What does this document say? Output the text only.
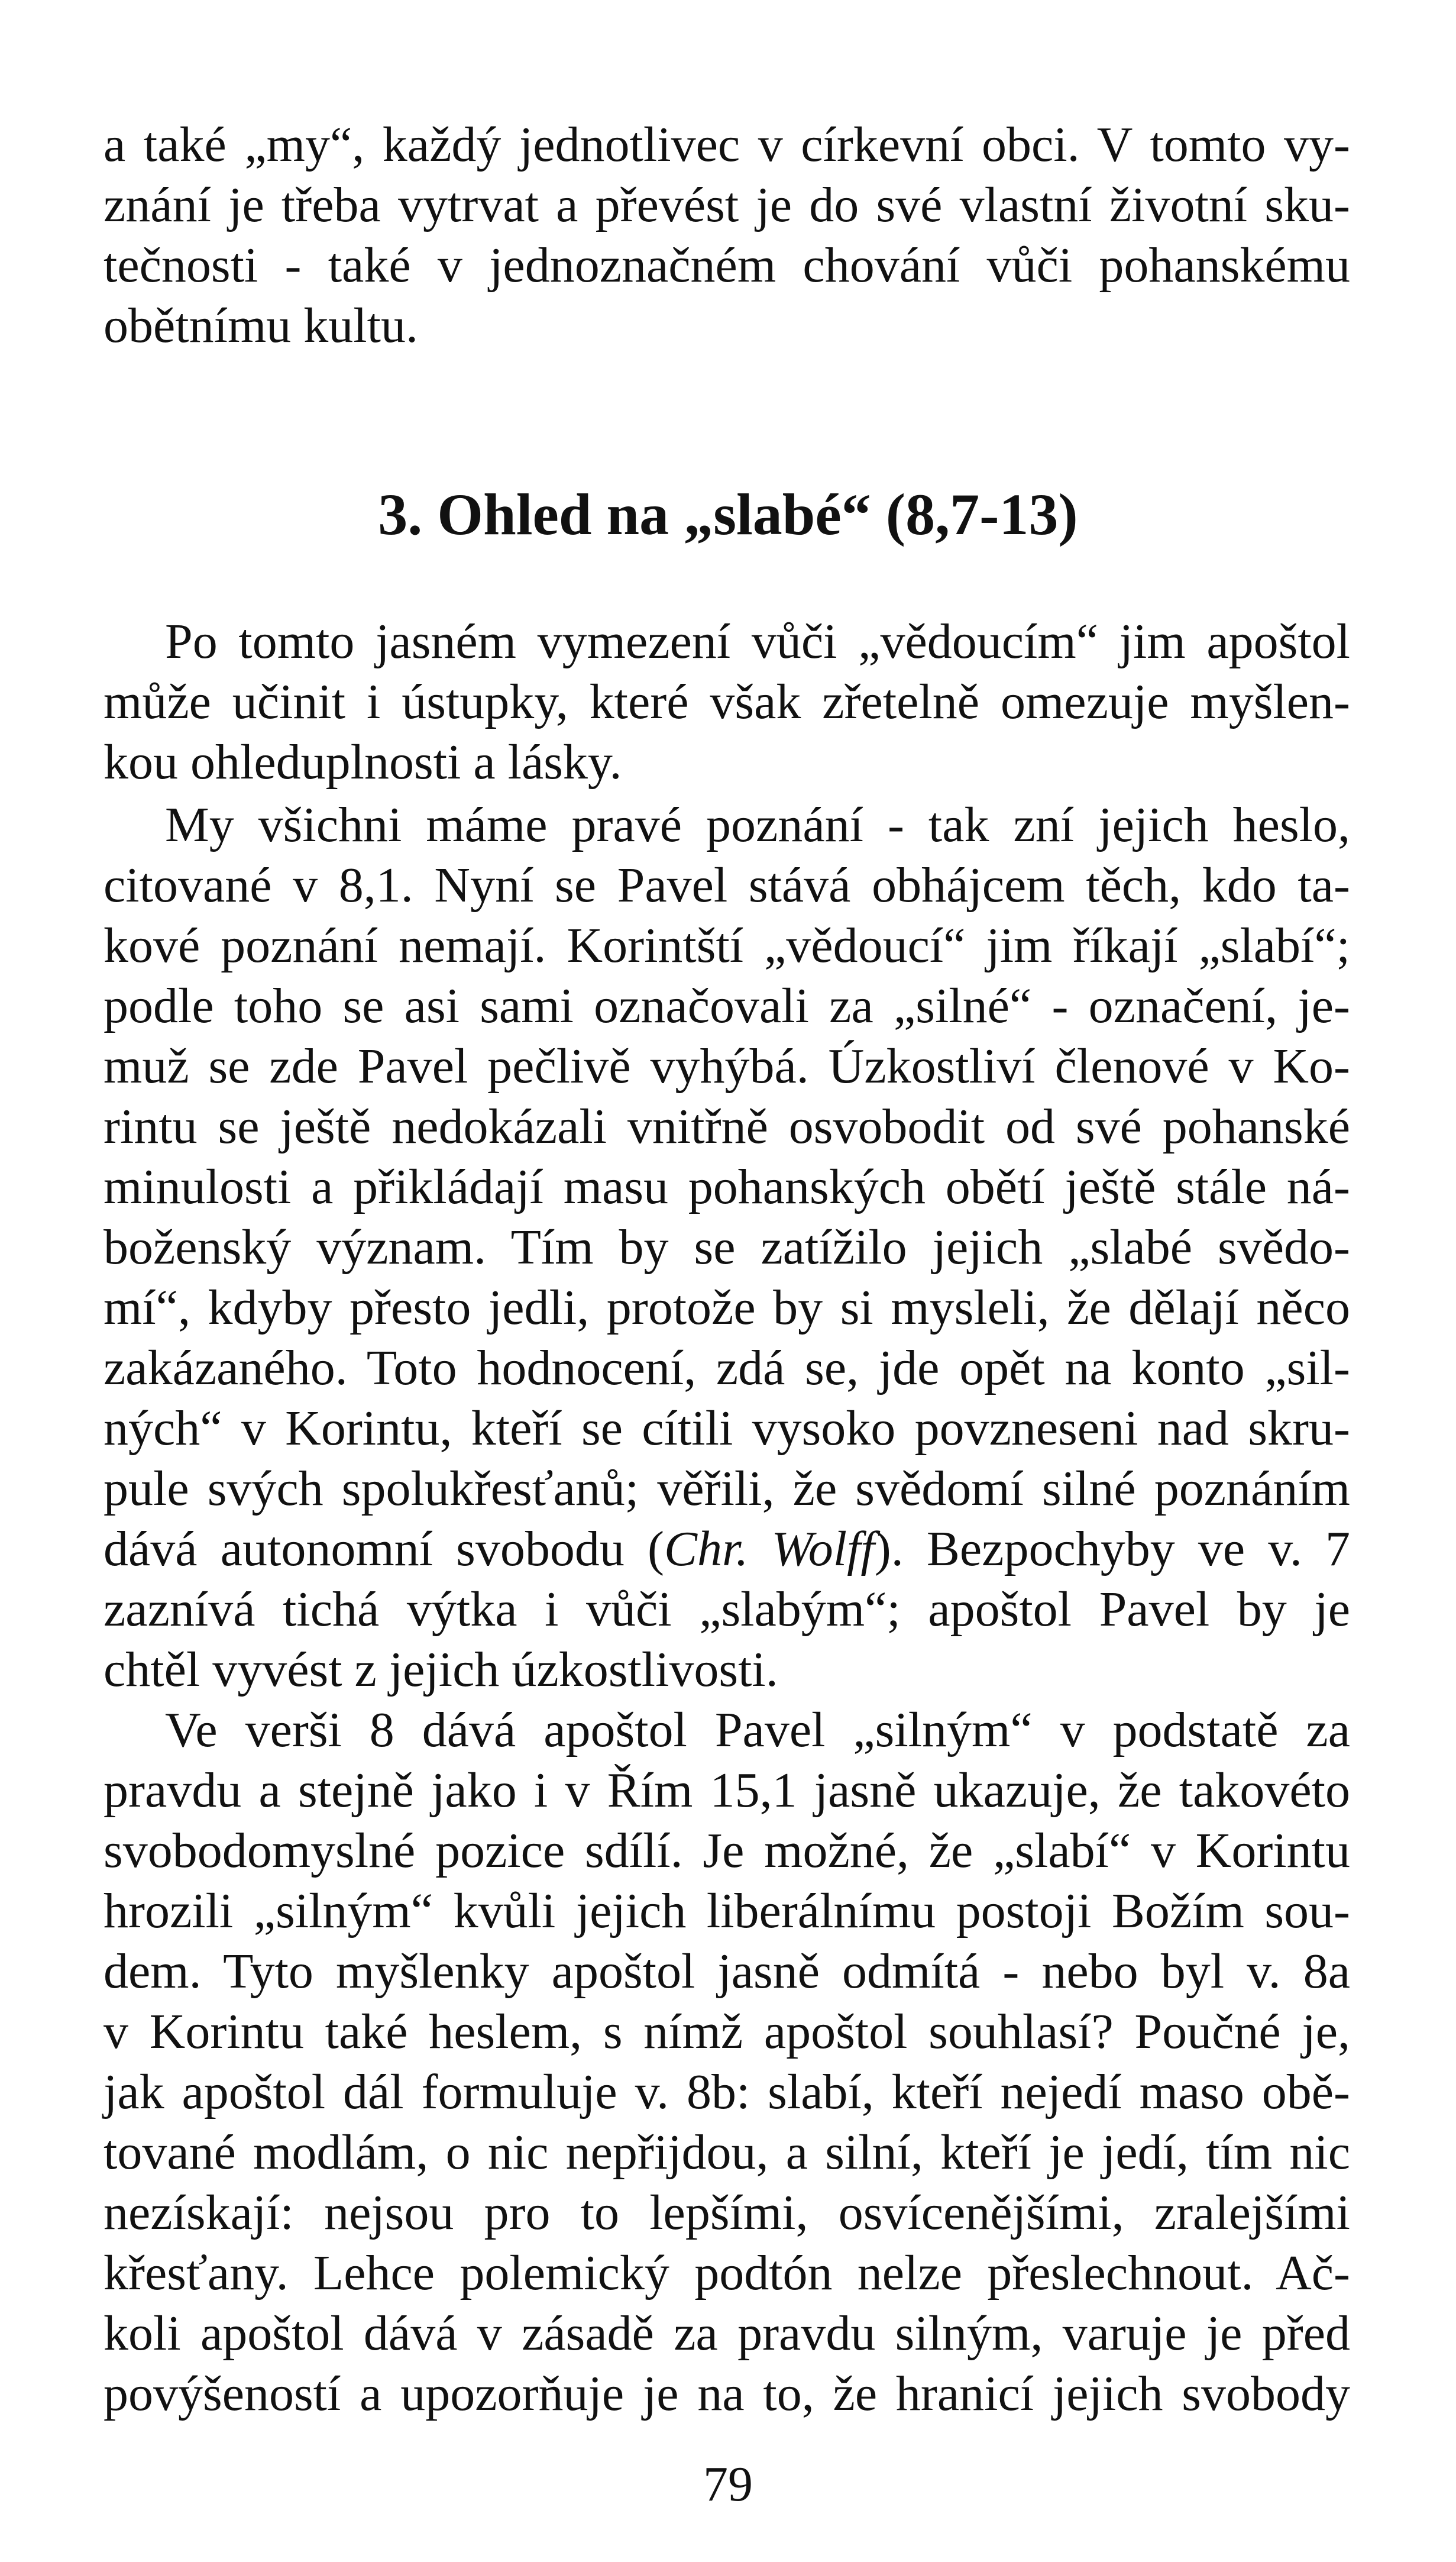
a také „my“, každý jednotlivec v církevní obci. V tomto vy-
znání je třeba vytrvat a převést je do své vlastní životní sku-
tečnosti - také v jednoznačném chování vůči pohanskému
obětnímu kultu.
3. Ohled na „slabé“ (8,7-13)
Po tomto jasném vymezení vůči „vědoucím“ jim apoštol
může učinit i ústupky, které však zřetelně omezuje myšlen-
kou ohleduplnosti a lásky.
My všichni máme pravé poznání - tak zní jejich heslo,
citované v 8,1. Nyní se Pavel stává obhájcem těch, kdo ta-
kové poznání nemají. Korintští „vědoucí“ jim říkají „slabí“;
podle toho se asi sami označovali za „silné“ - označení, je-
muž se zde Pavel pečlivě vyhýbá. Úzkostliví členové v Ko-
rintu se ještě nedokázali vnitřně osvobodit od své pohanské
minulosti a přikládají masu pohanských obětí ještě stále ná-
boženský význam. Tím by se zatížilo jejich „slabé svědo-
mí“, kdyby přesto jedli, protože by si mysleli, že dělají něco
zakázaného. Toto hodnocení, zdá se, jde opět na konto „sil-
ných“ v Korintu, kteří se cítili vysoko povzneseni nad skru-
pule svých spolukřesťanů; věřili, že svědomí silné poznáním
dává autonomní svobodu (Chr. Wolff). Bezpochyby ve v. 7
zaznívá tichá výtka i vůči „slabým“; apoštol Pavel by je
chtěl vyvést z jejich úzkostlivosti.
Ve verši 8 dává apoštol Pavel „silným“ v podstatě za
pravdu a stejně jako i v Řím 15,1 jasně ukazuje, že takovéto
svobodomyslné pozice sdílí. Je možné, že „slabí“ v Korintu
hrozili „silným“ kvůli jejich liberálnímu postoji Božím sou-
dem. Tyto myšlenky apoštol jasně odmítá - nebo byl v. 8a
v Korintu také heslem, s nímž apoštol souhlasí? Poučné je,
jak apoštol dál formuluje v. 8b: slabí, kteří nejedí maso obě-
tované modlám, o nic nepřijdou, a silní, kteří je jedí, tím nic
nezískají: nejsou pro to lepšími, osvícenějšími, zralejšími
křesťany. Lehce polemický podtón nelze přeslechnout. Ač-
koli apoštol dává v zásadě za pravdu silným, varuje je před
povýšeností a upozorňuje je na to, že hranicí jejich svobody
79
